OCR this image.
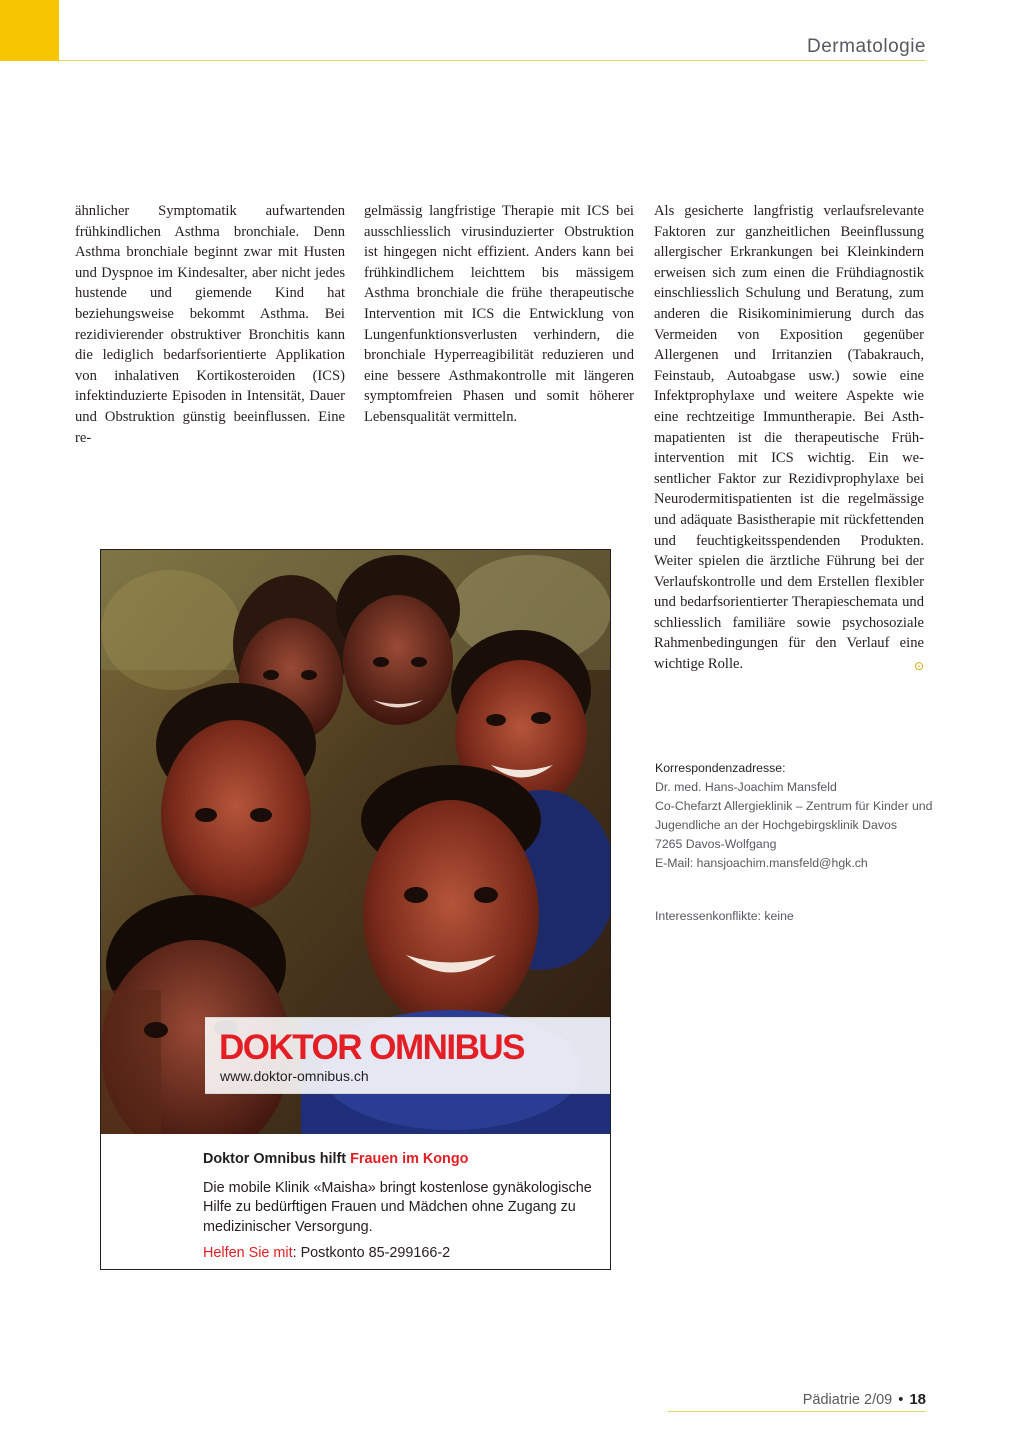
Dermatologie
ähnlicher Symptomatik aufwartenden frühkindlichen Asthma bronchiale. Denn Asthma bronchiale beginnt zwar mit Husten und Dyspnoe im Kindesalter, aber nicht jedes hustende und giemende Kind hat beziehungsweise bekommt Asthma. Bei rezidivierender obstruktiver Bronchitis kann die lediglich bedarfsorientierte Applikation von inhalativen Kortikosteroiden (ICS) infektinduzierte Episoden in Intensität, Dauer und Obstruktion günstig beeinflussen. Eine re-
gelmässig langfristige Therapie mit ICS bei ausschliesslich virusinduzierter Obstruktion ist hingegen nicht effizient. Anders kann bei frühkindlichem leichttem bis mässigem Asthma bronchiale die frühe therapeutische Intervention mit ICS die Entwicklung von Lungenfunktionsverlusten verhindern, die bronchiale Hyperreagibilität reduzieren und eine bessere Asthmakontrolle mit längeren symptomfreien Phasen und somit höherer Lebensqualität vermitteln.
Als gesicherte langfristig verlaufsrelevante Faktoren zur ganzheitlichen Beeinflussung allergischer Erkrankungen bei Kleinkindern erweisen sich zum einen die Frühdiagnostik einschliesslich Schulung und Beratung, zum anderen die Risikominimierung durch das Vermeiden von Exposition gegenüber Allergenen und Irritanzien (Tabakrauch, Feinstaub, Autoabgase usw.) sowie eine Infektprophylaxe und weitere Aspekte wie eine rechtzeitige Immuntherapie. Bei Asthmapatienten ist die therapeutische Frühintervention mit ICS wichtig. Ein wesentlicher Faktor zur Rezidivprophylaxe bei Neurodermitispatienten ist die regelmässige und adäquate Basistherapie mit rückfettenden und feuchtigkeitsspendenden Produkten. Weiter spielen die ärztliche Führung bei der Verlaufskontrolle und dem Erstellen flexibler und bedarfsorientierter Therapieschemata und schliesslich familiäre sowie psychosoziale Rahmenbedingungen für den Verlauf eine wichtige Rolle.	⊙
Korrespondenzadresse:
Dr. med. Hans-Joachim Mansfeld
Co-Chefarzt Allergieklinik – Zentrum für Kinder und
Jugendliche an der Hochgebirgsklinik Davos
7265 Davos-Wolfgang
E-Mail: hansjoachim.mansfeld@hgk.ch
Interessenkonflikte: keine
DOKTOR OMNIBUS
www.doktor-omnibus.ch
Doktor Omnibus hilft Frauen im Kongo
Die mobile Klinik «Maisha» bringt kostenlose gynäkologische Hilfe zu bedürftigen Frauen und Mädchen ohne Zugang zu medizinischer Versorgung.
Helfen Sie mit: Postkonto 85-299166-2
Pädiatrie 2/09 • 18
